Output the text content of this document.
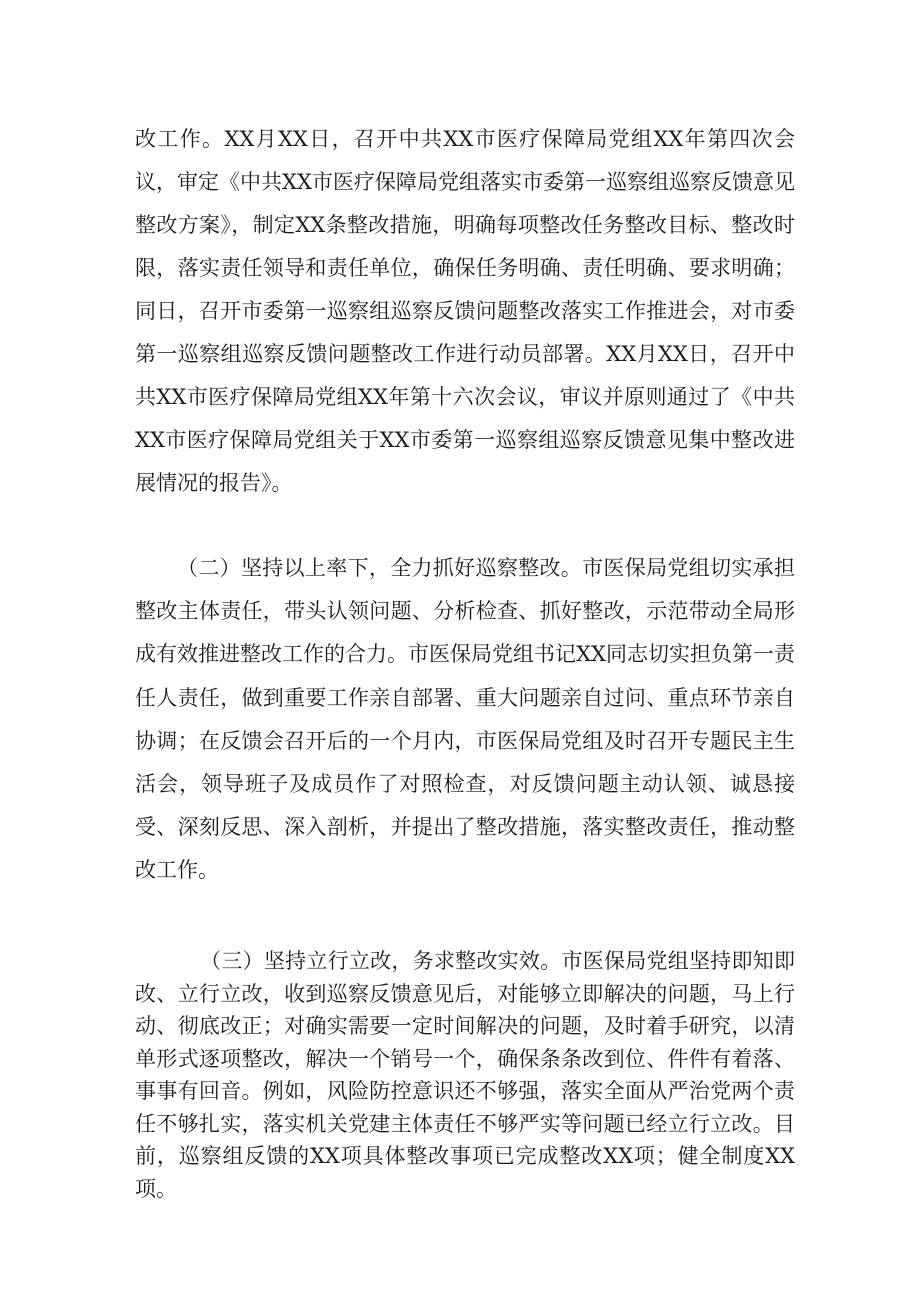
改工作。XX月XX日，召开中共XX市医疗保障局党组XX年第四次会议，审定《中共XX市医疗保障局党组落实市委第一巡察组巡察反馈意见整改方案》，制定XX条整改措施，明确每项整改任务整改目标、整改时限，落实责任领导和责任单位，确保任务明确、责任明确、要求明确；同日，召开市委第一巡察组巡察反馈问题整改落实工作推进会，对市委第一巡察组巡察反馈问题整改工作进行动员部署。XX月XX日，召开中共XX市医疗保障局党组XX年第十六次会议，审议并原则通过了《中共XX市医疗保障局党组关于XX市委第一巡察组巡察反馈意见集中整改进展情况的报告》。

（二）坚持以上率下，全力抓好巡察整改。市医保局党组切实承担整改主体责任，带头认领问题、分析检查、抓好整改，示范带动全局形成有效推进整改工作的合力。市医保局党组书记XX同志切实担负第一责任人责任，做到重要工作亲自部署、重大问题亲自过问、重点环节亲自协调；在反馈会召开后的一个月内，市医保局党组及时召开专题民主生活会，领导班子及成员作了对照检查，对反馈问题主动认领、诚恳接受、深刻反思、深入剖析，并提出了整改措施，落实整改责任，推动整改工作。

（三）坚持立行立改，务求整改实效。市医保局党组坚持即知即改、立行立改，收到巡察反馈意见后，对能够立即解决的问题，马上行动、彻底改正；对确实需要一定时间解决的问题，及时着手研究，以清单形式逐项整改，解决一个销号一个，确保条条改到位、件件有着落、事事有回音。例如，风险防控意识还不够强，落实全面从严治党两个责任不够扎实，落实机关党建主体责任不够严实等问题已经立行立改。目前，巡察组反馈的XX项具体整改事项已完成整改XX项；健全制度XX项。
